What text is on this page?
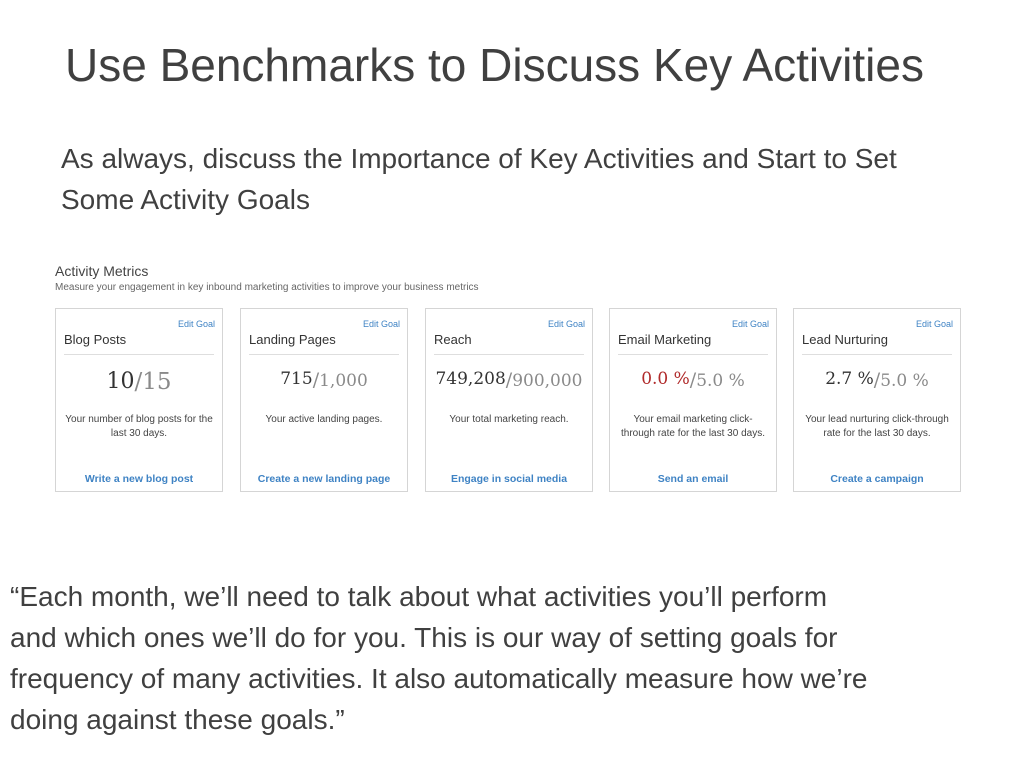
Use Benchmarks to Discuss Key Activities
As always, discuss the Importance of Key Activities and Start to Set
Some Activity Goals
Activity Metrics
Measure your engagement in key inbound marketing activities to improve your business metrics
Edit Goal
Blog Posts
10/15
Your number of blog posts for the last 30 days.
Write a new blog post
Edit Goal
Landing Pages
715/1,000
Your active landing pages.
Create a new landing page
Edit Goal
Reach
749,208/900,000
Your total marketing reach.
Engage in social media
Edit Goal
Email Marketing
0.0 %/5.0 %
Your email marketing click-through rate for the last 30 days.
Send an email
Edit Goal
Lead Nurturing
2.7 %/5.0 %
Your lead nurturing click-through rate for the last 30 days.
Create a campaign
“Each month, we’ll need to talk about what activities you’ll perform
and which ones we’ll do for you. This is our way of setting goals for
frequency of many activities. It also automatically measure how we’re
doing against these goals.”
